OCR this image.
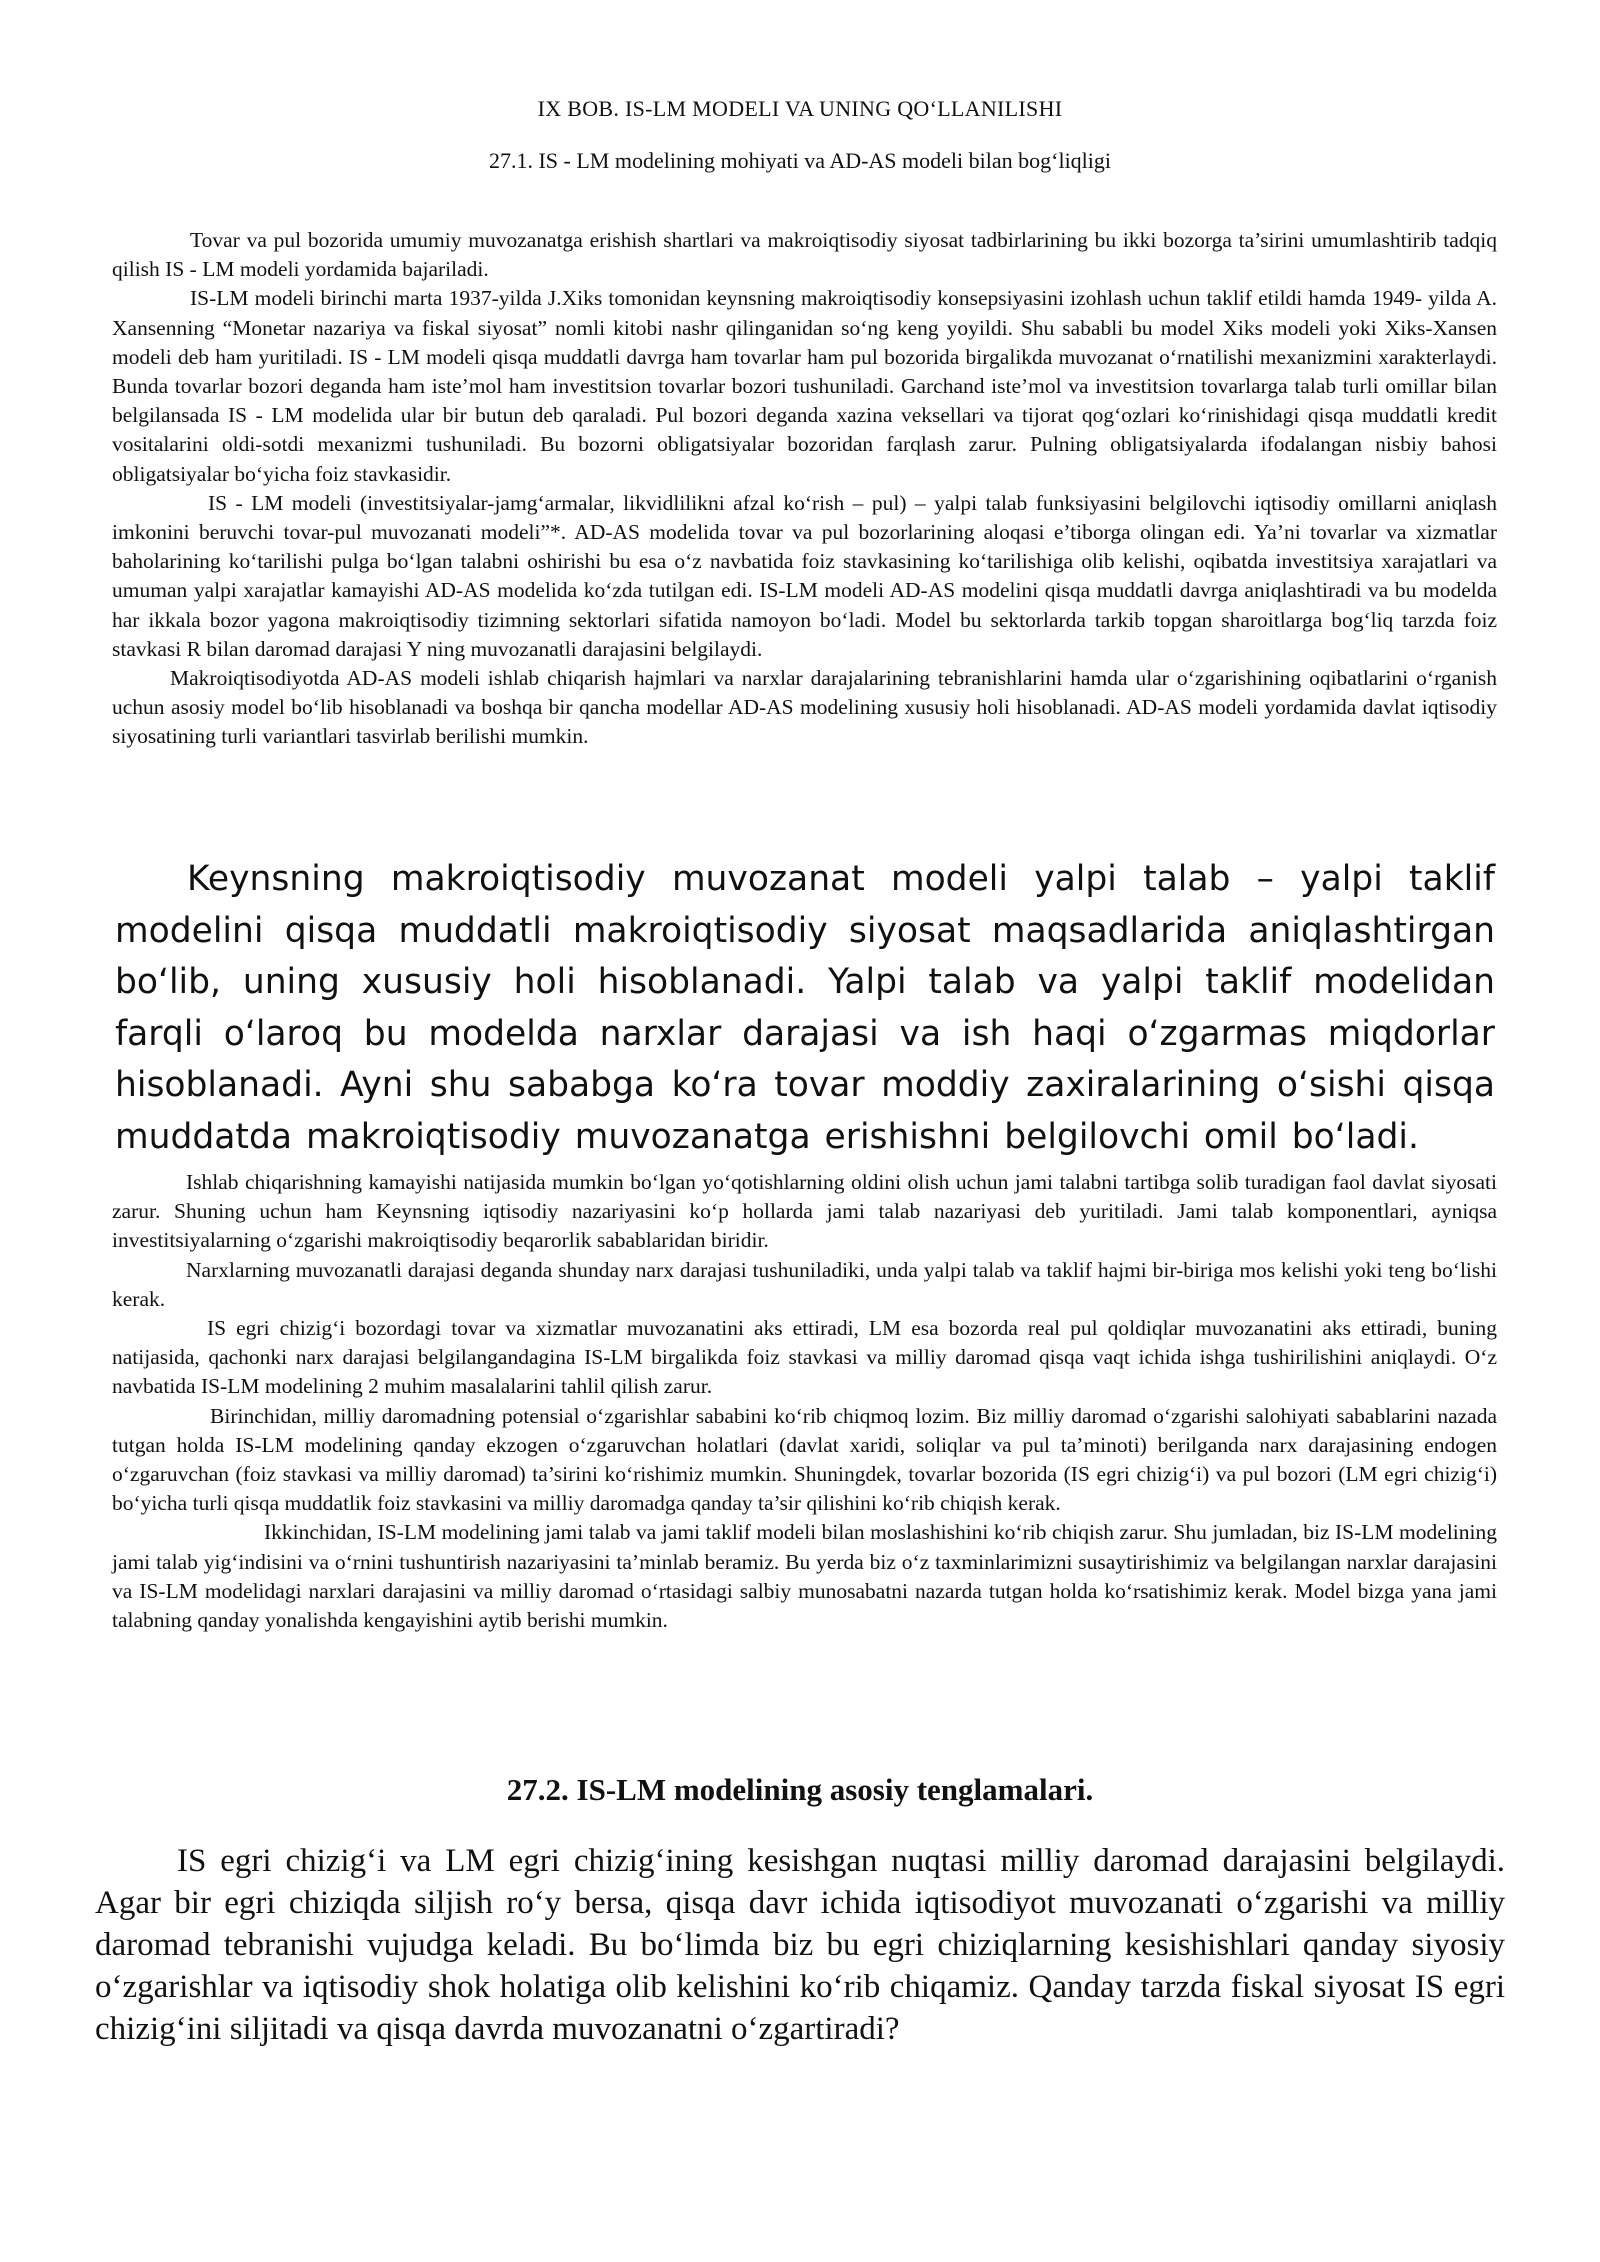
IX BOB. IS-LM MODELI VA UNING QO‘LLANILISHI
27.1. IS - LM modelining mohiyati va AD-AS modeli bilan bog‘liqligi

Tovar va pul bozorida umumiy muvozanatga erishish shartlari va makroiqtisodiy siyosat tadbirlarining bu ikki bozorga ta’sirini umumlashtirib tadqiq qilish IS - LM modeli yordamida bajariladi.

IS-LM modeli birinchi marta 1937-yilda J.Xiks tomonidan keynsning makroiqtisodiy konsepsiyasini izohlash uchun taklif etildi hamda 1949- yilda A. Xansenning “Monetar nazariya va fiskal siyosat” nomli kitobi nashr qilinganidan so‘ng keng yoyildi. Shu sababli bu model Xiks modeli yoki Xiks-Xansen modeli deb ham yuritiladi. IS - LM modeli qisqa muddatli davrga ham tovarlar ham pul bozorida birgalikda muvozanat o‘rnatilishi mexanizmini xarakterlaydi. Bunda tovarlar bozori deganda ham iste’mol ham investitsion tovarlar bozori tushuniladi. Garchand iste’mol va investitsion tovarlarga talab turli omillar bilan belgilansada IS - LM modelida ular bir butun deb qaraladi. Pul bozori deganda xazina veksellari va tijorat qog‘ozlari ko‘rinishidagi qisqa muddatli kredit vositalarini oldi-sotdi mexanizmi tushuniladi. Bu bozorni obligatsiyalar bozoridan farqlash zarur. Pulning obligatsiyalarda ifodalangan nisbiy bahosi obligatsiyalar bo‘yicha foiz stavkasidir.

IS - LM modeli (investitsiyalar-jamg‘armalar, likvidlilikni afzal ko‘rish – pul) – yalpi talab funksiyasini belgilovchi iqtisodiy omillarni aniqlash imkonini beruvchi tovar-pul muvozanati modeli”*. AD-AS modelida tovar va pul bozorlarining aloqasi e’tiborga olingan edi. Ya’ni tovarlar va xizmatlar baholarining ko‘tarilishi pulga bo‘lgan talabni oshirishi bu esa o‘z navbatida foiz stavkasining ko‘tarilishiga olib kelishi, oqibatda investitsiya xarajatlari va umuman yalpi xarajatlar kamayishi AD-AS modelida ko‘zda tutilgan edi. IS-LM modeli AD-AS modelini qisqa muddatli davrga aniqlashtiradi va bu modelda har ikkala bozor yagona makroiqtisodiy tizimning sektorlari sifatida namoyon bo‘ladi. Model bu sektorlarda tarkib topgan sharoitlarga bog‘liq tarzda foiz stavkasi R bilan daromad darajasi Y ning muvozanatli darajasini belgilaydi.

Makroiqtisodiyotda AD-AS modeli ishlab chiqarish hajmlari va narxlar darajalarining tebranishlarini hamda ular o‘zgarishining oqibatlarini o‘rganish uchun asosiy model bo‘lib hisoblanadi va boshqa bir qancha modellar AD-AS modelining xususiy holi hisoblanadi. AD-AS modeli yordamida davlat iqtisodiy siyosatining turli variantlari tasvirlab berilishi mumkin.

Keynsning makroiqtisodiy muvozanat modeli yalpi talab – yalpi taklif modelini qisqa muddatli makroiqtisodiy siyosat maqsadlarida aniqlashtirgan bo‘lib, uning xususiy holi hisoblanadi. Yalpi talab va yalpi taklif modelidan farqli o‘laroq bu modelda narxlar darajasi va ish haqi o‘zgarmas miqdorlar hisoblanadi. Ayni shu sababga ko‘ra tovar moddiy zaxiralarining o‘sishi qisqa muddatda makroiqtisodiy muvozanatga erishishni belgilovchi omil bo‘ladi.

Ishlab chiqarishning kamayishi natijasida mumkin bo‘lgan yo‘qotishlarning oldini olish uchun jami talabni tartibga solib turadigan faol davlat siyosati zarur. Shuning uchun ham Keynsning iqtisodiy nazariyasini ko‘p hollarda jami talab nazariyasi deb yuritiladi. Jami talab komponentlari, ayniqsa investitsiyalarning o‘zgarishi makroiqtisodiy beqarorlik sabablaridan biridir.

Narxlarning muvozanatli darajasi deganda shunday narx darajasi tushuniladiki, unda yalpi talab va taklif hajmi bir-biriga mos kelishi yoki teng bo‘lishi kerak.

IS egri chizig‘i bozordagi tovar va xizmatlar muvozanatini aks ettiradi, LM esa bozorda real pul qoldiqlar muvozanatini aks ettiradi, buning natijasida, qachonki narx darajasi belgilangandagina IS-LM birgalikda foiz stavkasi va milliy daromad qisqa vaqt ichida ishga tushirilishini aniqlaydi. O‘z navbatida IS-LM modelining 2 muhim masalalarini tahlil qilish zarur.

Birinchidan, milliy daromadning potensial o‘zgarishlar sababini ko‘rib chiqmoq lozim. Biz milliy daromad o‘zgarishi salohiyati sabablarini nazada tutgan holda IS-LM modelining qanday ekzogen o‘zgaruvchan holatlari (davlat xaridi, soliqlar va pul ta’minoti) berilganda narx darajasining endogen o‘zgaruvchan (foiz stavkasi va milliy daromad) ta’sirini ko‘rishimiz mumkin. Shuningdek, tovarlar bozorida (IS egri chizig‘i) va pul bozori (LM egri chizig‘i) bo‘yicha turli qisqa muddatlik foiz stavkasini va milliy daromadga qanday ta’sir qilishini ko‘rib chiqish kerak.

Ikkinchidan, IS-LM modelining jami talab va jami taklif modeli bilan moslashishini ko‘rib chiqish zarur. Shu jumladan, biz IS-LM modelining jami talab yig‘indisini va o‘rnini tushuntirish nazariyasini ta’minlab beramiz. Bu yerda biz o‘z taxminlarimizni susaytirishimiz va belgilangan narxlar darajasini va IS-LM modelidagi narxlari darajasini va milliy daromad o‘rtasidagi salbiy munosabatni nazarda tutgan holda ko‘rsatishimiz kerak. Model bizga yana jami talabning qanday yonalishda kengayishini aytib berishi mumkin.

27.2. IS-LM modelining asosiy tenglamalari.

IS egri chizig‘i va LM egri chizig‘ining kesishgan nuqtasi milliy daromad darajasini belgilaydi. Agar bir egri chiziqda siljish ro‘y bersa, qisqa davr ichida iqtisodiyot muvozanati o‘zgarishi va milliy daromad tebranishi vujudga keladi. Bu bo‘limda biz bu egri chiziqlarning kesishishlari qanday siyosiy o‘zgarishlar va iqtisodiy shok holatiga olib kelishini ko‘rib chiqamiz. Qanday tarzda fiskal siyosat IS egri chizig‘ini siljitadi va qisqa davrda muvozanatni o‘zgartiradi?
